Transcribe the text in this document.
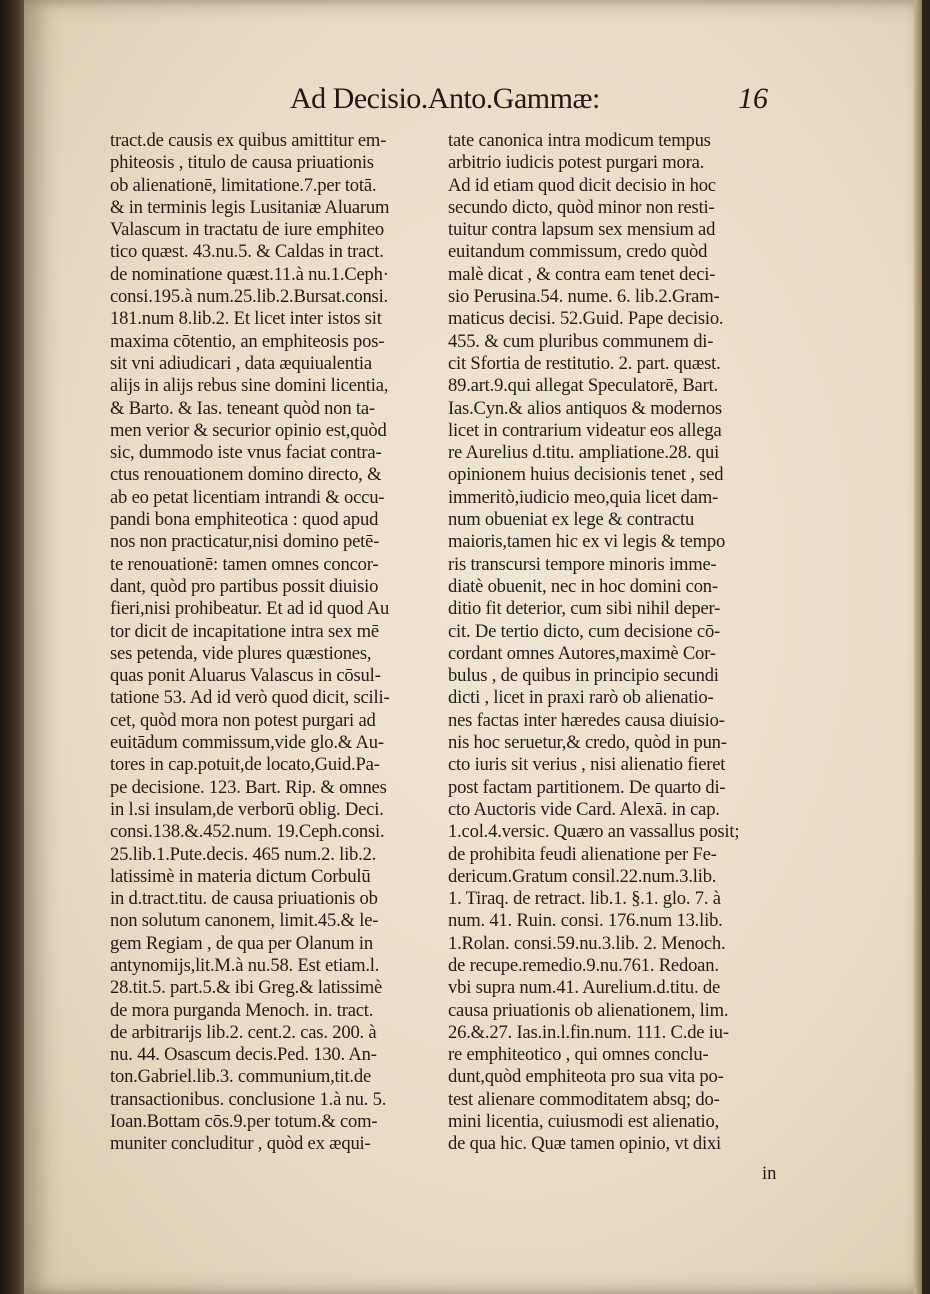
Ad Decisio.Anto.Gammæ:	16
tract.de causis ex quibus amittitur em-
phiteosis , titulo de causa priuationis
ob alienationē, limitatione.7.per totā.
& in terminis legis Lusitaniæ Aluarum
Valascum in tractatu de iure emphiteo
tico quæst. 43.nu.5. & Caldas in tract.
de nominatione quæst.11.à nu.1.Ceph·
consi.195.à num.25.lib.2.Bursat.consi.
181.num 8.lib.2. Et licet inter istos sit
maxima cōtentio, an emphiteosis pos-
sit vni adiudicari , data æquiualentia
alijs in alijs rebus sine domini licentia,
& Barto. & Ias. teneant quòd non ta-
men verior & securior opinio est,quòd
sic, dummodo iste vnus faciat contra-
ctus renouationem domino directo, &
ab eo petat licentiam intrandi & occu-
pandi bona emphiteotica : quod apud
nos non practicatur,nisi domino petē-
te renouationē: tamen omnes concor-
dant, quòd pro partibus possit diuisio
fieri,nisi prohibeatur. Et ad id quod Au
tor dicit de incapitatione intra sex mē
ses petenda, vide plures quæstiones,
quas ponit Aluarus Valascus in cōsul-
tatione 53. Ad id verò quod dicit, scili-
cet, quòd mora non potest purgari ad
euitādum commissum,vide glo.& Au-
tores in cap.potuit,de locato,Guid.Pa-
pe decisione. 123. Bart. Rip. & omnes
in l.si insulam,de verborū oblig. Deci.
consi.138.&.452.num. 19.Ceph.consi.
25.lib.1.Pute.decis. 465 num.2. lib.2.
latissimè in materia dictum Corbulū
in d.tract.titu. de causa priuationis ob
non solutum canonem, limit.45.& le-
gem Regiam , de qua per Olanum in
antynomijs,lit.M.à nu.58. Est etiam.l.
28.tit.5. part.5.& ibi Greg.& latissimè
de mora purganda Menoch. in. tract.
de arbitrarijs lib.2. cent.2. cas. 200. à
nu. 44. Osascum decis.Ped. 130. An-
ton.Gabriel.lib.3. communium,tit.de
transactionibus. conclusione 1.à nu. 5.
Ioan.Bottam cōs.9.per totum.& com-
muniter concluditur , quòd ex æqui-
tate canonica intra modicum tempus
arbitrio iudicis potest purgari mora.
Ad id etiam quod dicit decisio in hoc
secundo dicto, quòd minor non resti-
tuitur contra lapsum sex mensium ad
euitandum commissum, credo quòd
malè dicat , & contra eam tenet deci-
sio Perusina.54. nume. 6. lib.2.Gram-
maticus decisi. 52.Guid. Pape decisio.
455. & cum pluribus communem di-
cit Sfortia de restitutio. 2. part. quæst.
89.art.9.qui allegat Speculatorē, Bart.
Ias.Cyn.& alios antiquos & modernos
licet in contrarium videatur eos allega
re Aurelius d.titu. ampliatione.28. qui
opinionem huius decisionis tenet , sed
immeritò,iudicio meo,quia licet dam-
num obueniat ex lege & contractu
maioris,tamen hic ex vi legis & tempo
ris transcursi tempore minoris imme-
diatè obuenit, nec in hoc domini con-
ditio fit deterior, cum sibi nihil deper-
cit. De tertio dicto, cum decisione cō-
cordant omnes Autores,maximè Cor-
bulus , de quibus in principio secundi
dicti , licet in praxi rarò ob alienatio-
nes factas inter hæredes causa diuisio-
nis hoc seruetur,& credo, quòd in pun-
cto iuris sit verius , nisi alienatio fieret
post factam partitionem. De quarto di-
cto Auctoris vide Card. Alexā. in cap.
1.col.4.versic. Quæro an vassallus posit;
de prohibita feudi alienatione per Fe-
dericum.Gratum consil.22.num.3.lib.
1. Tiraq. de retract. lib.1. §.1. glo. 7. à
num. 41. Ruin. consi. 176.num 13.lib.
1.Rolan. consi.59.nu.3.lib. 2. Menoch.
de recupe.remedio.9.nu.761. Redoan.
vbi supra num.41. Aurelium.d.titu. de
causa priuationis ob alienationem, lim.
26.&.27. Ias.in.l.fin.num. 111. C.de iu-
re emphiteotico , qui omnes conclu-
dunt,quòd emphiteota pro sua vita po-
test alienare commoditatem absq; do-
mini licentia, cuiusmodi est alienatio,
de qua hic. Quæ tamen opinio, vt dixi
in
